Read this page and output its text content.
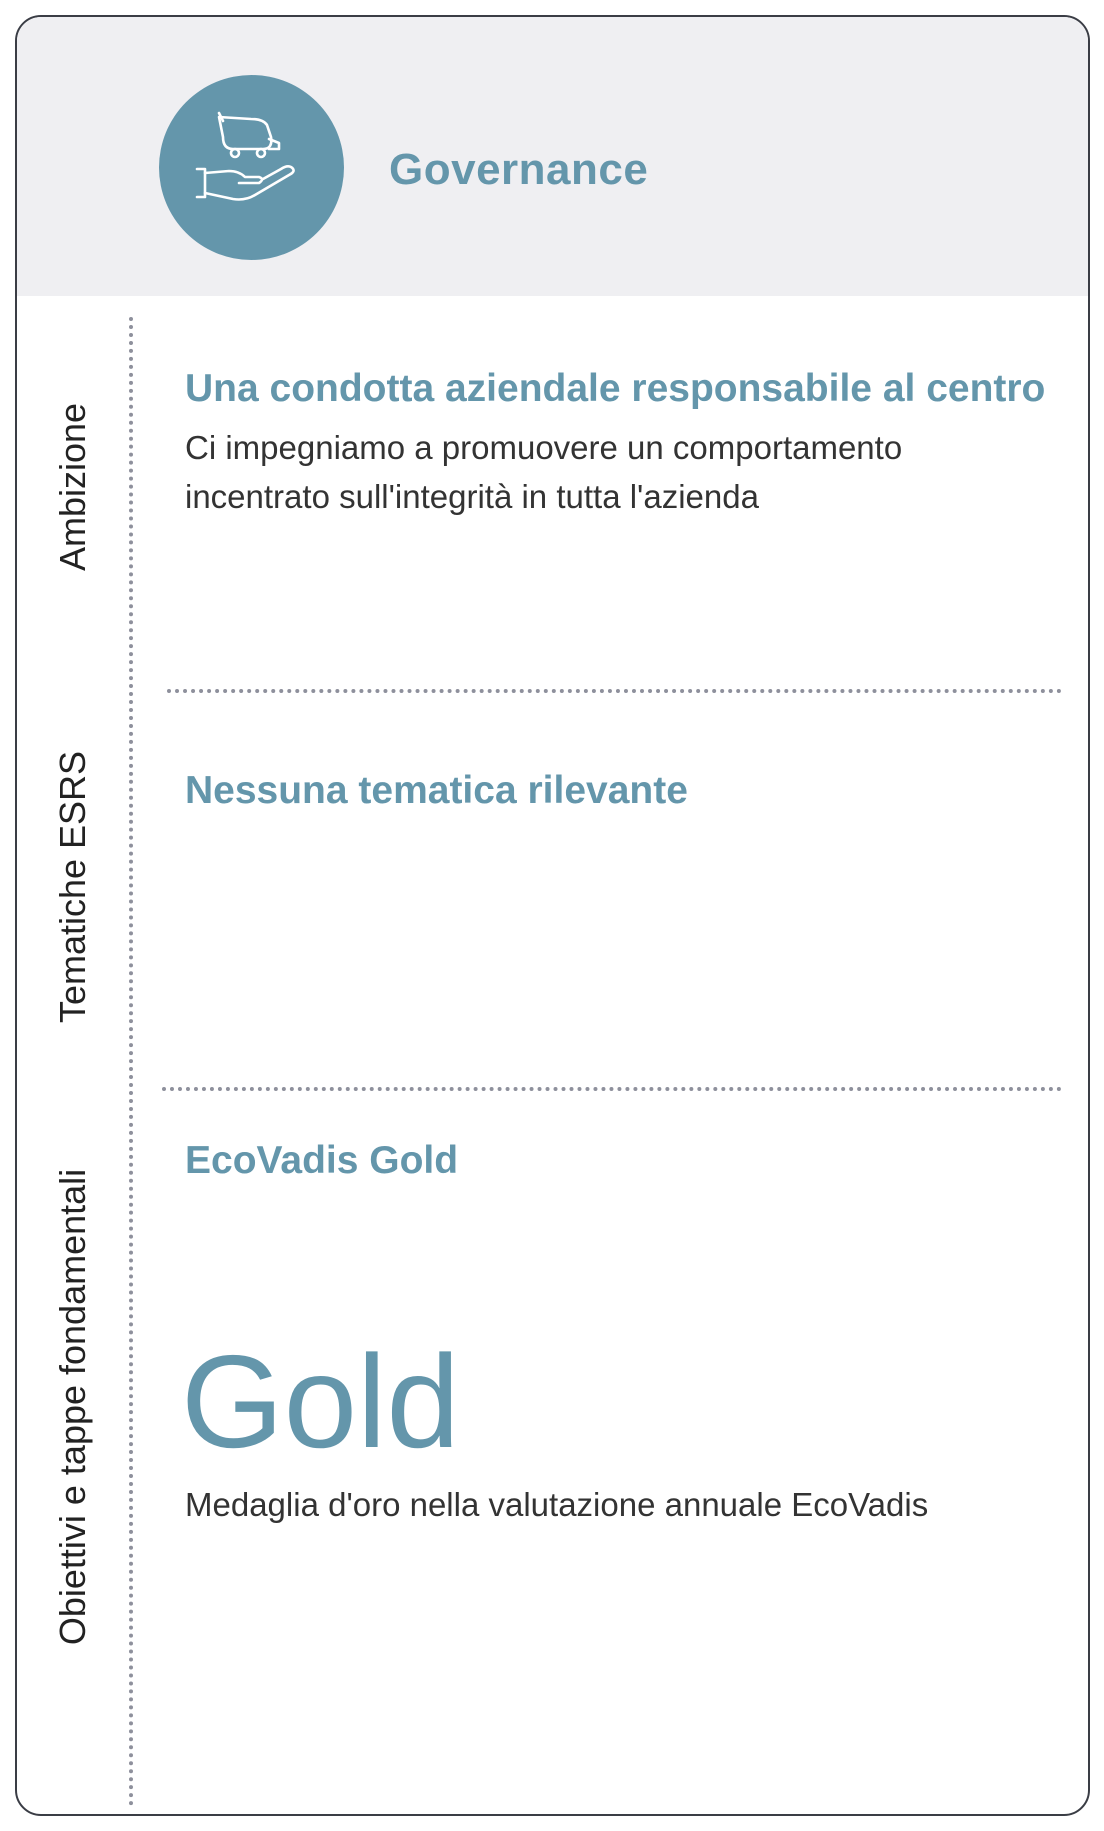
Governance
Ambizione
Tematiche ESRS
Obiettivi e tappe fondamentali
Una condotta aziendale responsabile al centro
Ci impegniamo a promuovere un comportamento incentrato sull'integrità in tutta l'azienda
Nessuna tematica rilevante
EcoVadis Gold
Gold
Medaglia d'oro nella valutazione annuale EcoVadis
